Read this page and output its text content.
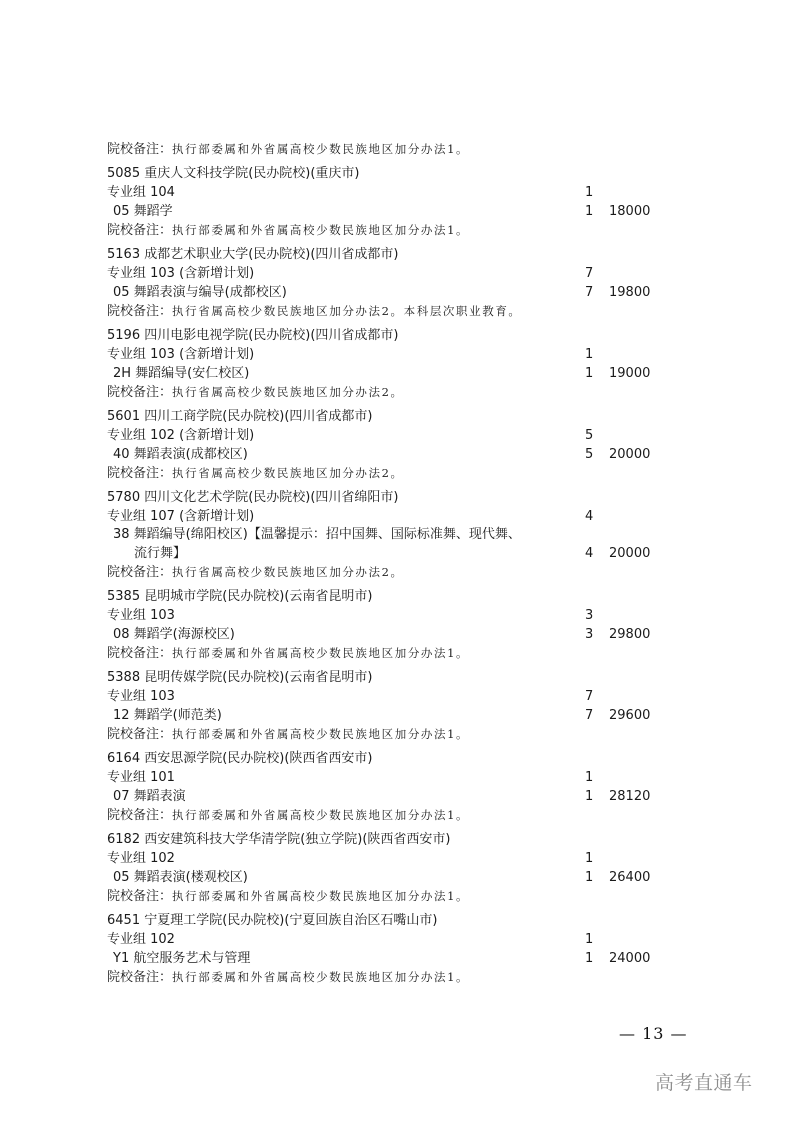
院校备注：执行部委属和外省属高校少数民族地区加分办法1。
5085 重庆人文科技学院(民办院校)(重庆市)
专业组 104	1
05 舞蹈学	1 18000
院校备注：执行部委属和外省属高校少数民族地区加分办法1。
5163 成都艺术职业大学(民办院校)(四川省成都市)
专业组 103 (含新增计划)	7
05 舞蹈表演与编导(成都校区)	7 19800
院校备注：执行省属高校少数民族地区加分办法2。本科层次职业教育。
5196 四川电影电视学院(民办院校)(四川省成都市)
专业组 103 (含新增计划)	1
2H 舞蹈编导(安仁校区)	1 19000
院校备注：执行省属高校少数民族地区加分办法2。
5601 四川工商学院(民办院校)(四川省成都市)
专业组 102 (含新增计划)	5
40 舞蹈表演(成都校区)	5 20000
院校备注：执行省属高校少数民族地区加分办法2。
5780 四川文化艺术学院(民办院校)(四川省绵阳市)
专业组 107 (含新增计划)	4
38 舞蹈编导(绵阳校区)【温馨提示：招中国舞、国际标准舞、现代舞、
流行舞】	4 20000
院校备注：执行省属高校少数民族地区加分办法2。
5385 昆明城市学院(民办院校)(云南省昆明市)
专业组 103	3
08 舞蹈学(海源校区)	3 29800
院校备注：执行部委属和外省属高校少数民族地区加分办法1。
5388 昆明传媒学院(民办院校)(云南省昆明市)
专业组 103	7
12 舞蹈学(师范类)	7 29600
院校备注：执行部委属和外省属高校少数民族地区加分办法1。
6164 西安思源学院(民办院校)(陕西省西安市)
专业组 101	1
07 舞蹈表演	1 28120
院校备注：执行部委属和外省属高校少数民族地区加分办法1。
6182 西安建筑科技大学华清学院(独立学院)(陕西省西安市)
专业组 102	1
05 舞蹈表演(楼观校区)	1 26400
院校备注：执行部委属和外省属高校少数民族地区加分办法1。
6451 宁夏理工学院(民办院校)(宁夏回族自治区石嘴山市)
专业组 102	1
Y1 航空服务艺术与管理	1 24000
院校备注：执行部委属和外省属高校少数民族地区加分办法1。
— 13 —
高考直通车
